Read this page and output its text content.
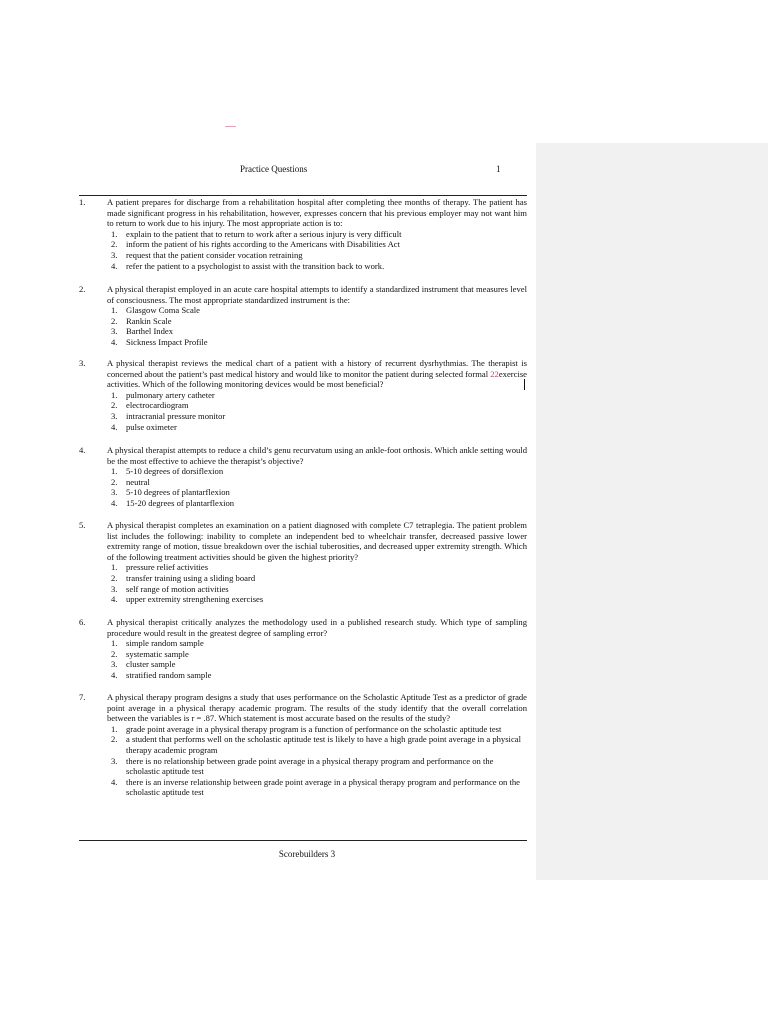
Practice Questions	1
1.	A patient prepares for discharge from a rehabilitation hospital after completing thee months of therapy. The patient has made significant progress in his rehabilitation, however, expresses concern that his previous employer may not want him to return to work due to his injury. The most appropriate action is to:
1. explain to the patient that to return to work after a serious injury is very difficult
2. inform the patient of his rights according to the Americans with Disabilities Act
3. request that the patient consider vocation retraining
4. refer the patient to a psychologist to assist with the transition back to work.
2.	A physical therapist employed in an acute care hospital attempts to identify a standardized instrument that measures level of consciousness. The most appropriate standardized instrument is the:
1. Glasgow Coma Scale
2. Rankin Scale
3. Barthel Index
4. Sickness Impact Profile
3.	A physical therapist reviews the medical chart of a patient with a history of recurrent dysrhythmias. The therapist is concerned about the patient’s past medical history and would like to monitor the patient during selected formal 22exercise activities. Which of the following monitoring devices would be most beneficial?
1. pulmonary artery catheter
2. electrocardiogram
3. intracranial pressure monitor
4. pulse oximeter
4.	A physical therapist attempts to reduce a child’s genu recurvatum using an ankle-foot orthosis. Which ankle setting would be the most effective to achieve the therapist’s objective?
1. 5-10 degrees of dorsiflexion
2. neutral
3. 5-10 degrees of plantarflexion
4. 15-20 degrees of plantarflexion
5.	A physical therapist completes an examination on a patient diagnosed with complete C7 tetraplegia. The patient problem list includes the following: inability to complete an independent bed to wheelchair transfer, decreased passive lower extremity range of motion, tissue breakdown over the ischial tuberosities, and decreased upper extremity strength. Which of the following treatment activities should be given the highest priority?
1. pressure relief activities
2. transfer training using a sliding board
3. self range of motion activities
4. upper extremity strengthening exercises
6.	A physical therapist critically analyzes the methodology used in a published research study. Which type of sampling procedure would result in the greatest degree of sampling error?
1. simple random sample
2. systematic sample
3. cluster sample
4. stratified random sample
7.	A physical therapy program designs a study that uses performance on the Scholastic Aptitude Test as a predictor of grade point average in a physical therapy academic program. The results of the study identify that the overall correlation between the variables is r = .87. Which statement is most accurate based on the results of the study?
1. grade point average in a physical therapy program is a function of performance on the scholastic aptitude test
2. a student that performs well on the scholastic aptitude test is likely to have a high grade point average in a physical therapy academic program
3. there is no relationship between grade point average in a physical therapy program and performance on the scholastic aptitude test
4. there is an inverse relationship between grade point average in a physical therapy program and performance on the scholastic aptitude test
Scorebuilders 3
